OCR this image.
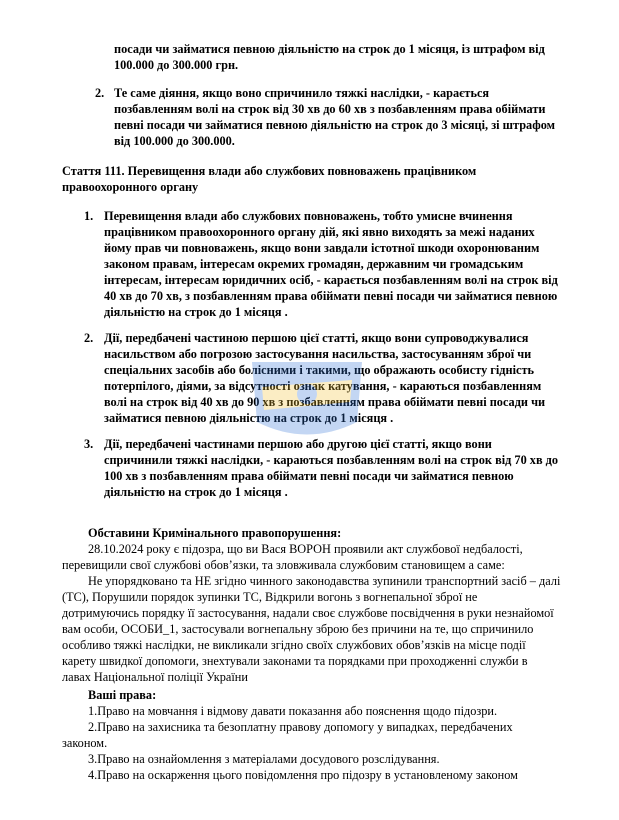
посади чи займатися певною діяльністю на строк до 1 місяця, із штрафом від
100.000 до 300.000 грн.
2. Те саме діяння, якщо воно спричинило тяжкі наслідки, - карається
позбавленням волі на строк від 30 хв до 60 хв з позбавленням права обіймати
певні посади чи займатися певною діяльністю на строк до 3 місяці, зі штрафом
від 100.000 до 300.000.
Стаття 111. Перевищення влади або службових повноважень працівником
правоохоронного органу
1. Перевищення влади або службових повноважень, тобто умисне вчинення
працівником правоохоронного органу дій, які явно виходять за межі наданих
йому прав чи повноважень, якщо вони завдали істотної шкоди охоронюваним
законом правам, інтересам окремих громадян, державним чи громадським
інтересам, інтересам юридичних осіб, - карається позбавленням волі на строк від
40 хв до 70 хв, з позбавленням права обіймати певні посади чи займатися певною
діяльністю на строк до 1 місяця .
2. Дії, передбачені частиною першою цієї статті, якщо вони супроводжувалися
насильством або погрозою застосування насильства, застосуванням зброї чи
спеціальних засобів або болісними і такими, що ображають особисту гідність
потерпілого, діями, за відсутності ознак катування, - караються позбавленням
волі на строк від 40 хв до 90 хв з позбавленням права обіймати певні посади чи
займатися певною діяльністю на строк до 1 місяця .
3. Дії, передбачені частинами першою або другою цієї статті, якщо вони
спричинили тяжкі наслідки, - караються позбавленням волі на строк від 70 хв до
100 хв з позбавленням права обіймати певні посади чи займатися певною
діяльністю на строк до 1 місяця .
Обставини Кримінального правопорушення:
28.10.2024 року є підозра, що ви Вася ВОРОН проявили акт службової недбалості,
перевищили свої службові обов’язки, та зловживала службовим становищем а саме:
Не упорядковано та НЕ згідно чинного законодавства зупинили транспортний засіб – далі
(ТС), Порушили порядок зупинки ТС, Відкрили вогонь з вогнепальної зброї не
дотримуючись порядку її застосування, надали своє службове посвідчення в руки незнайомої
вам особи, ОСОБИ_1, застосували вогнепальну зброю без причини на те, що спричинило
особливо тяжкі наслідки, не викликали згідно своїх службових обов’язків на місце події
карету швидкої допомоги, знехтували законами та порядками при проходженні служби в
лавах Національної поліції України
Ваші права:
1.Право на мовчання і відмову давати показання або пояснення щодо підозри.
2.Право на захисника та безоплатну правову допомогу у випадках, передбачених
законом.
3.Право на ознайомлення з матеріалами досудового розслідування.
4.Право на оскарження цього повідомлення про підозру в установленому законом
